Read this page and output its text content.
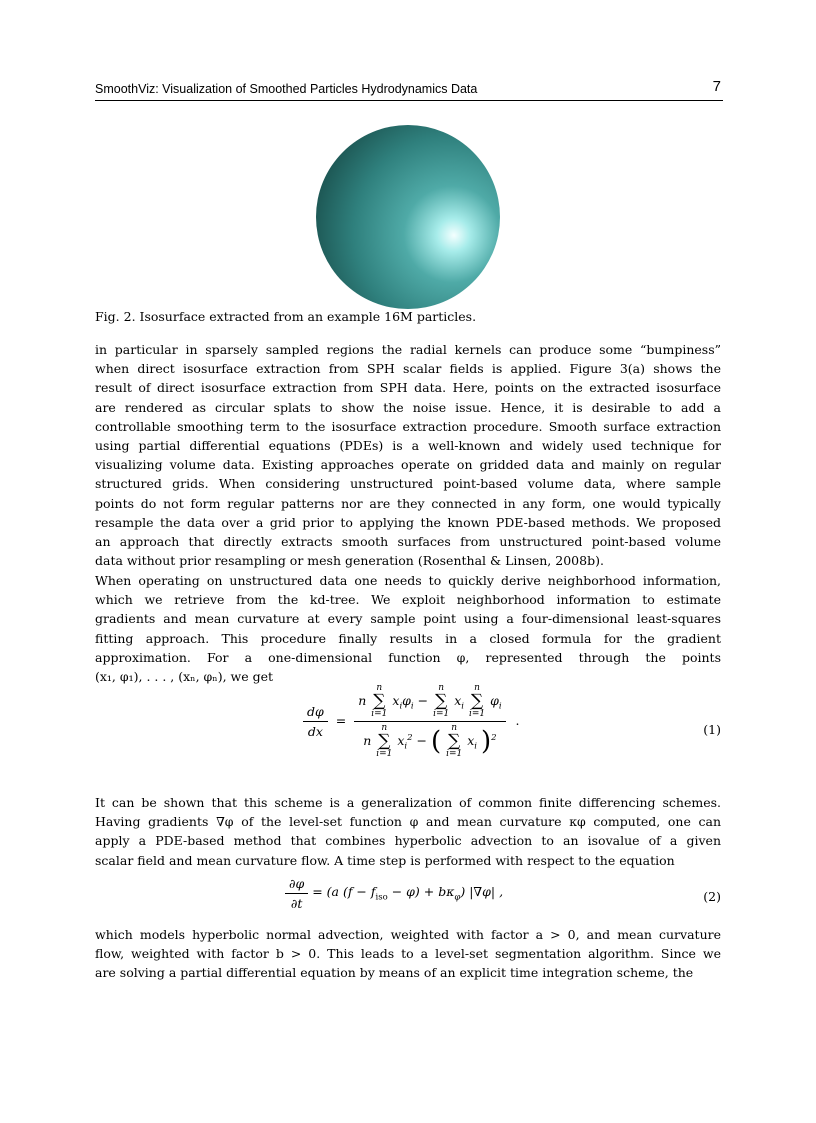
SmoothViz: Visualization of Smoothed Particles Hydrodynamics Data	7
Fig. 2. Isosurface extracted from an example 16M particles.
in particular in sparsely sampled regions the radial kernels can produce some “bumpiness”
when direct isosurface extraction from SPH scalar fields is applied. Figure 3(a) shows the
result of direct isosurface extraction from SPH data. Here, points on the extracted isosurface
are rendered as circular splats to show the noise issue. Hence, it is desirable to add a
controllable smoothing term to the isosurface extraction procedure. Smooth surface extraction
using partial differential equations (PDEs) is a well-known and widely used technique for
visualizing volume data. Existing approaches operate on gridded data and mainly on regular
structured grids. When considering unstructured point-based volume data, where sample
points do not form regular patterns nor are they connected in any form, one would typically
resample the data over a grid prior to applying the known PDE-based methods. We proposed
an approach that directly extracts smooth surfaces from unstructured point-based volume
data without prior resampling or mesh generation (Rosenthal & Linsen, 2008b).
When operating on unstructured data one needs to quickly derive neighborhood information,
which we retrieve from the kd-tree. We exploit neighborhood information to estimate
gradients and mean curvature at every sample point using a four-dimensional least-squares
fitting approach. This procedure finally results in a closed formula for the gradient
approximation. For a one-dimensional function φ, represented through the points
(x₁, φ₁), . . . , (xₙ, φₙ), we get
$\frac{d\varphi}{dx}$ =
n
n
∑
i=1
$x_i\varphi_i$ −
n
∑
i=1
$x_i$
n
∑
i=1
$\varphi_i$
n
n
∑
i=1
$x_i^2$ − ( n
∑
i=1
$x_i$ )$^2$
.
(1)
It can be shown that this scheme is a generalization of common finite differencing schemes.
Having gradients ∇φ of the level-set function φ and mean curvature κφ computed, one can
apply a PDE-based method that combines hyperbolic advection to an isovalue of a given
scalar field and mean curvature flow. A time step is performed with respect to the equation
$\frac{\partial\varphi}{\partial t} = (a$ $(f - f_{iso} - \varphi) + b\kappa_\varphi$) |∇φ| ,	(2)
which models hyperbolic normal advection, weighted with factor a > 0, and mean curvature
flow, weighted with factor b > 0. This leads to a level-set segmentation algorithm. Since we
are solving a partial differential equation by means of an explicit time integration scheme, the
